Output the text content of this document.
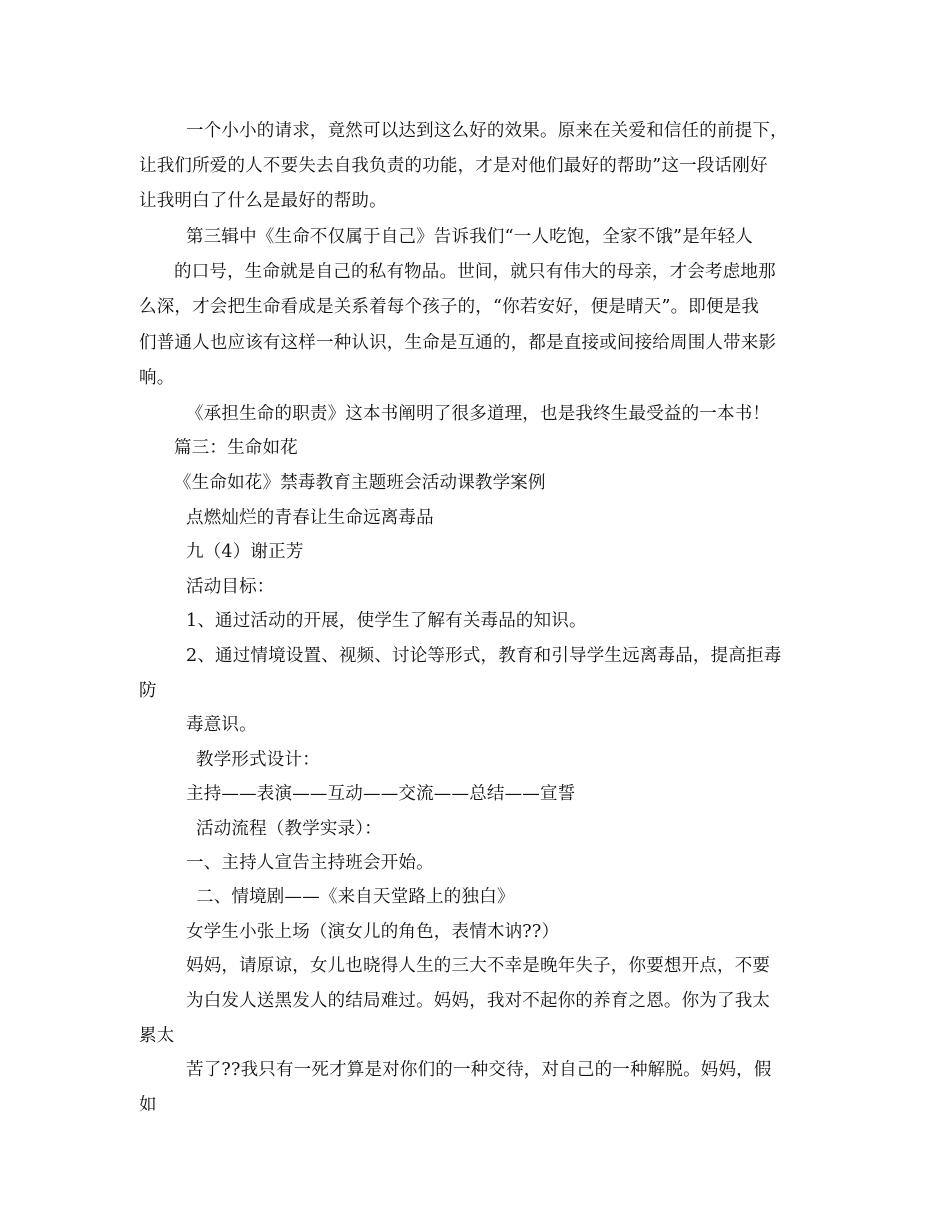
一个小小的请求，竟然可以达到这么好的效果。原来在关爱和信任的前提下，
让我们所爱的人不要失去自我负责的功能，才是对他们最好的帮助”这一段话刚好
让我明白了什么是最好的帮助。
第三辑中《生命不仅属于自己》告诉我们“一人吃饱，全家不饿”是年轻人
的口号，生命就是自己的私有物品。世间，就只有伟大的母亲，才会考虑地那
么深，才会把生命看成是关系着每个孩子的，“你若安好，便是晴天”。即便是我
们普通人也应该有这样一种认识，生命是互通的，都是直接或间接给周围人带来影
响。
《承担生命的职责》这本书阐明了很多道理，也是我终生最受益的一本书！
篇三：生命如花
《生命如花》禁毒教育主题班会活动课教学案例
点燃灿烂的青春让生命远离毒品
九（4）谢正芳
活动目标：
1、通过活动的开展，使学生了解有关毒品的知识。
2、通过情境设置、视频、讨论等形式，教育和引导学生远离毒品，提高拒毒
防
毒意识。
教学形式设计：
主持——表演——互动——交流——总结——宣誓
活动流程（教学实录）：
一、主持人宣告主持班会开始。
二、情境剧——《来自天堂路上的独白》
女学生小张上场（演女儿的角色，表情木讷??）
妈妈，请原谅，女儿也晓得人生的三大不幸是晚年失子，你要想开点，不要
为白发人送黑发人的结局难过。妈妈，我对不起你的养育之恩。你为了我太
累太
苦了??我只有一死才算是对你们的一种交待，对自己的一种解脱。妈妈，假
如
